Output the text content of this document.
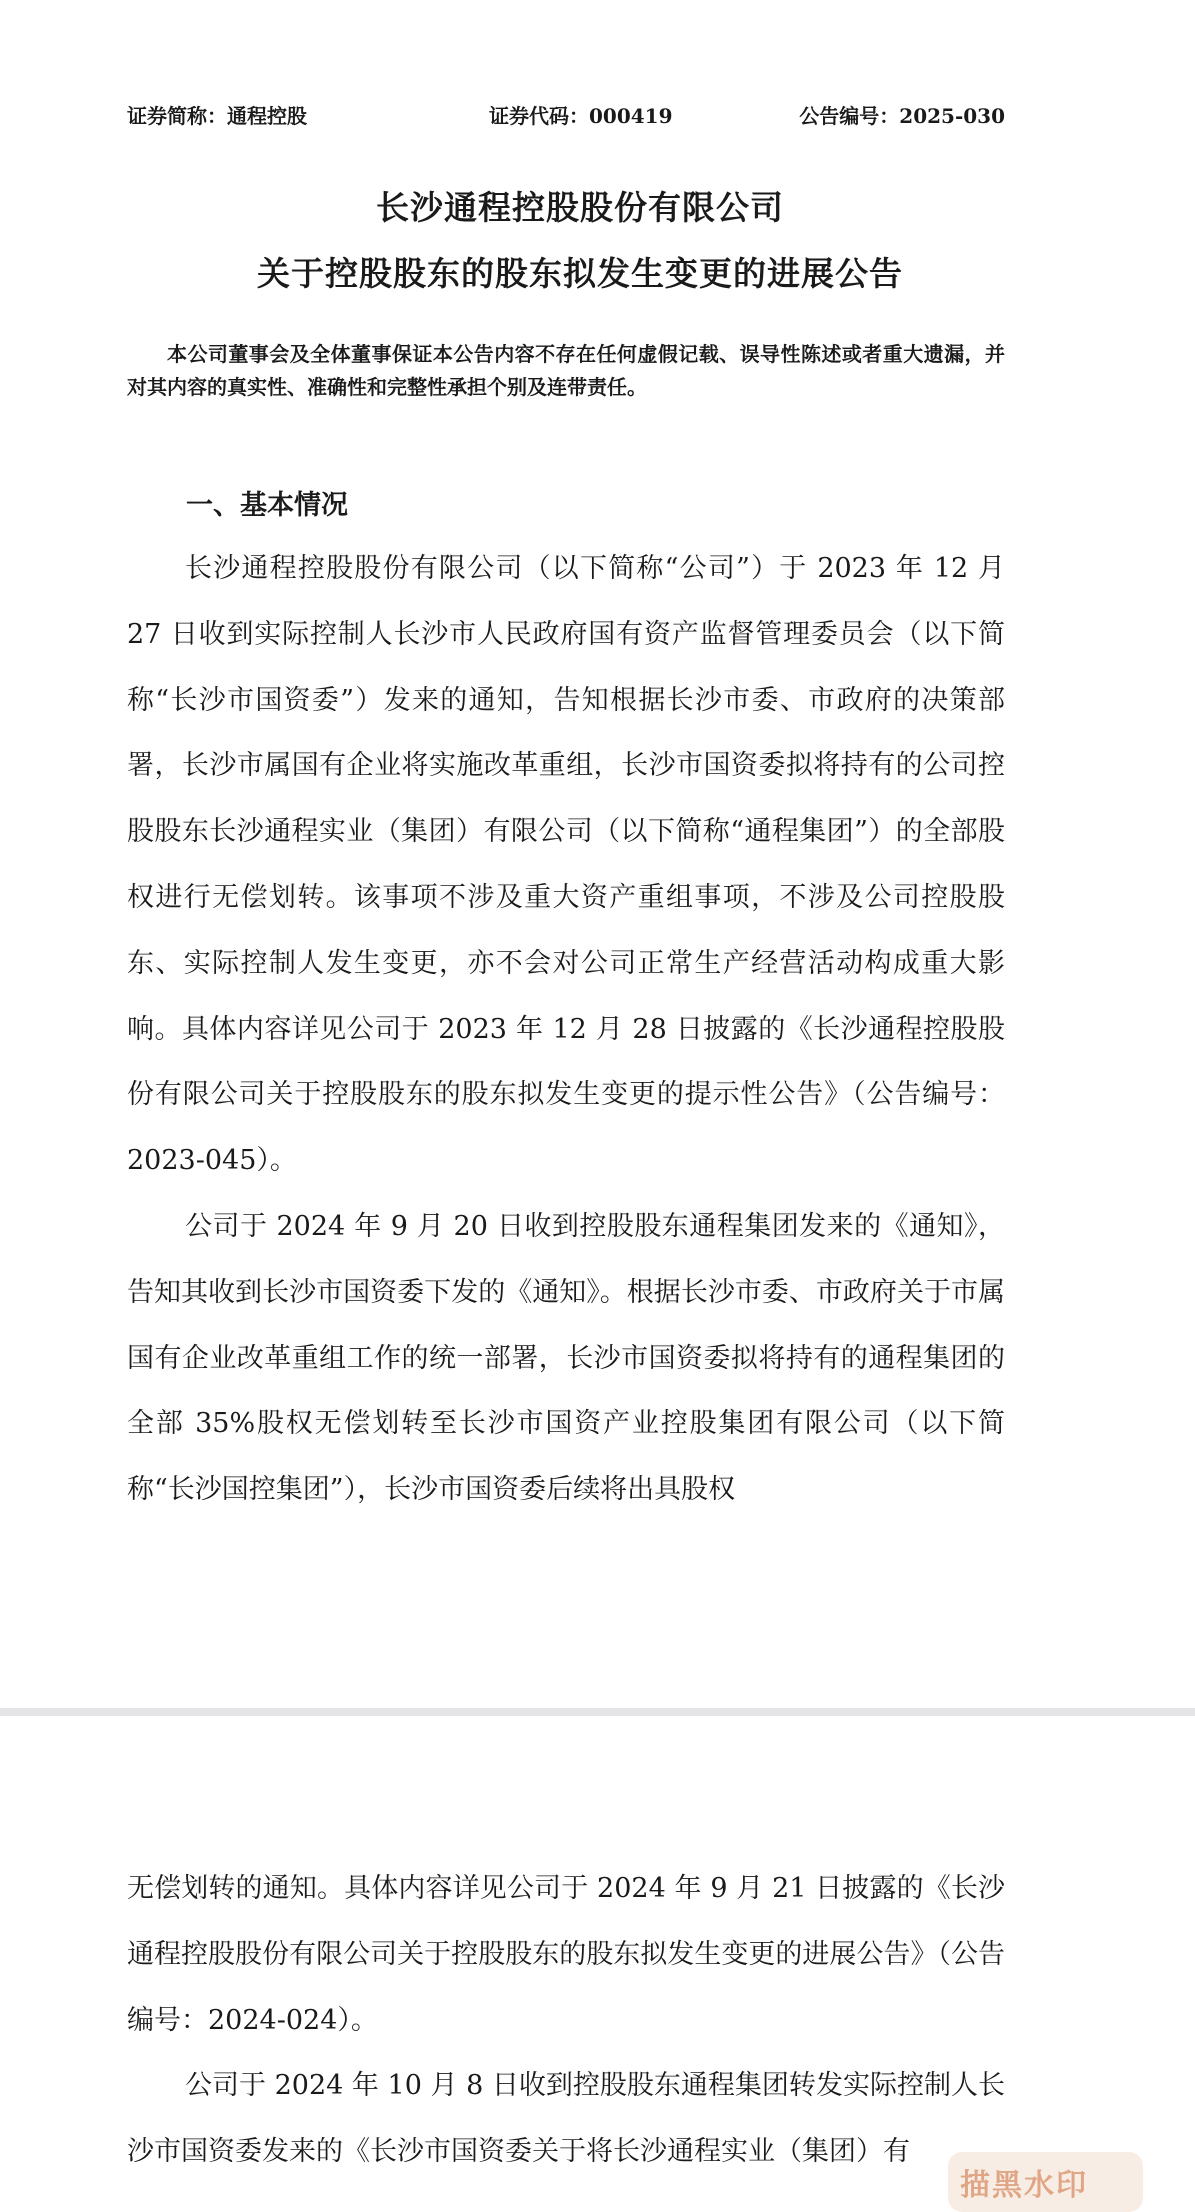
证券简称：通程控股	证券代码：000419	公告编号：2025-030
长沙通程控股股份有限公司
关于控股股东的股东拟发生变更的进展公告
本公司董事会及全体董事保证本公告内容不存在任何虚假记载、误导性陈述或者重大遗漏，并对其内容的真实性、准确性和完整性承担个别及连带责任。
一、基本情况

长沙通程控股股份有限公司（以下简称“公司”）于 2023 年 12 月 27 日收到实际控制人长沙市人民政府国有资产监督管理委员会（以下简称“长沙市国资委”）发来的通知，告知根据长沙市委、市政府的决策部署，长沙市属国有企业将实施改革重组，长沙市国资委拟将持有的公司控股股东长沙通程实业（集团）有限公司（以下简称“通程集团”）的全部股权进行无偿划转。该事项不涉及重大资产重组事项，不涉及公司控股股东、实际控制人发生变更，亦不会对公司正常生产经营活动构成重大影响。具体内容详见公司于 2023 年 12 月 28 日披露的《长沙通程控股股份有限公司关于控股股东的股东拟发生变更的提示性公告》（公告编号：2023-045）。

公司于 2024 年 9 月 20 日收到控股股东通程集团发来的《通知》，告知其收到长沙市国资委下发的《通知》。根据长沙市委、市政府关于市属国有企业改革重组工作的统一部署，长沙市国资委拟将持有的通程集团的全部 35%股权无偿划转至长沙市国资产业控股集团有限公司（以下简称“长沙国控集团”），长沙市国资委后续将出具股权

无偿划转的通知。具体内容详见公司于 2024 年 9 月 21 日披露的《长沙通程控股股份有限公司关于控股股东的股东拟发生变更的进展公告》（公告编号：2024-024）。

公司于 2024 年 10 月 8 日收到控股股东通程集团转发实际控制人长沙市国资委发来的《长沙市国资委关于将长沙通程实业（集团）有

描黑水印
